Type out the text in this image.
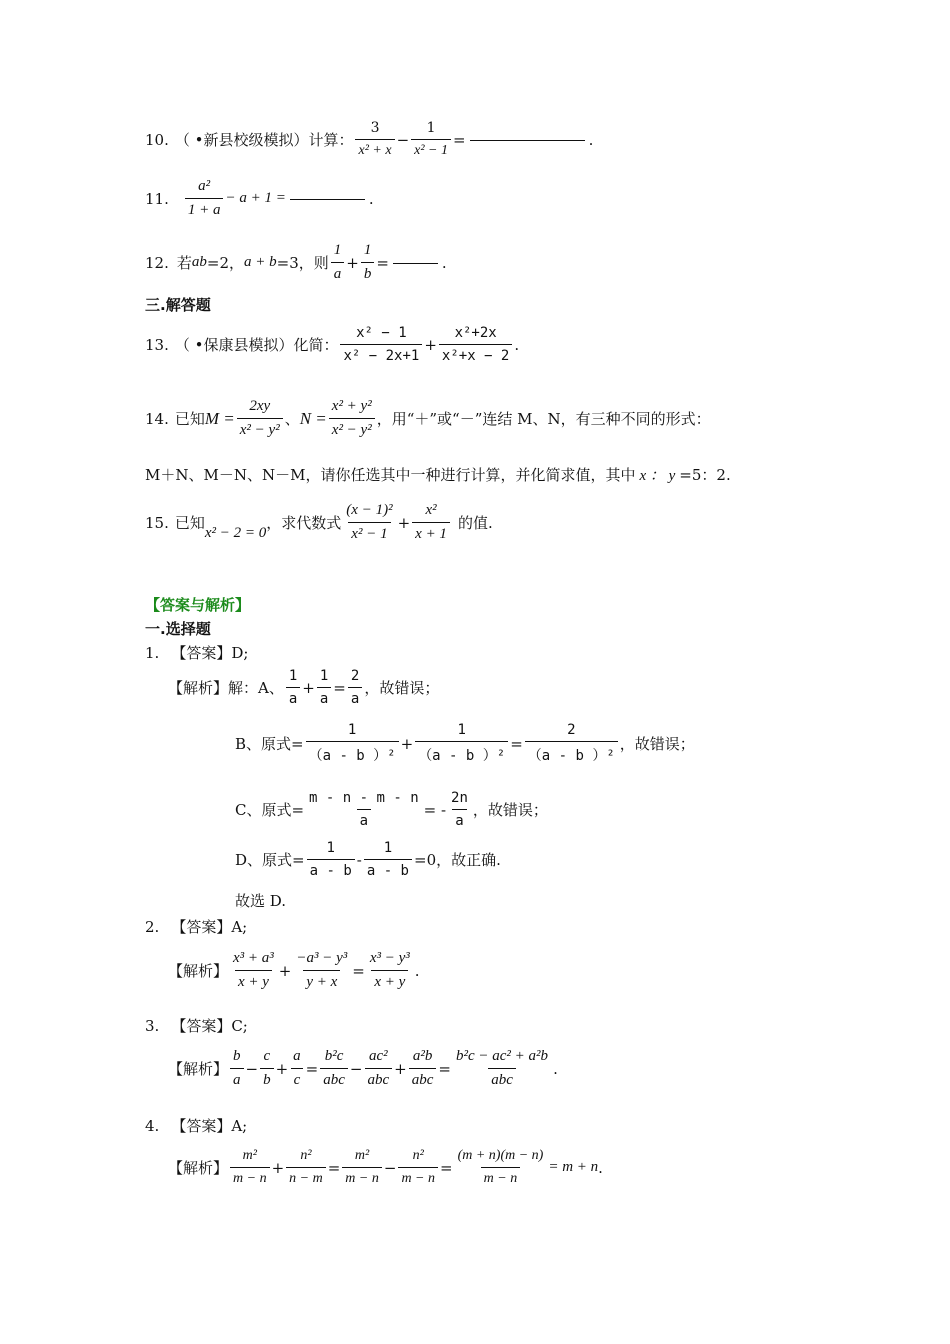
10. （ •新县校级模拟）计算： $\frac{3}{\text{x² + x}} - \frac{1}{\text{x² − 1}}$ =	.
11. $\frac{\text{a²}}{1 + a} - a + 1$ =	.
12. 若 ab =2， a + b =3，则 $\frac{1}{a} + \frac{1}{b}$ =	.
三.解答题
13. （ •保康县模拟）化简： $\frac{\text{x² − 1}}{\text{x² − 2x+1}} + \frac{\text{x²+2x}}{\text{x²+x − 2}}$ .
14. 已知 $M = \frac{2xy}{\text{x² − y²}}$ 、 $N = \frac{\text{x² + y²}}{\text{x² − y²}}$ ，用“＋”或“－”连结 M、N，有三种不同的形式：
M＋N、M－N、N－M，请你任选其中一种进行计算，并化简求值，其中 x ： y =5：2.
15. 已知
x² − 2 = 0
，求代数式 $\frac{\text{(x − 1)²}}{\text{x² − 1}} + \frac{\text{x²}}{x + 1}$ 的值.
【答案与解析】
一.选择题
1. 【答案】D;
【解析】解：A、 $\frac{1}{a} + \frac{1}{a} = \frac{2}{a}$ ，故错误；
B、原式= $\frac{1}{\text{（a - b ）²}} + \frac{1}{\text{（a - b ）²}} = \frac{2}{\text{（a - b ）²}}$ ，故错误；
C、原式= $\frac{m - n - m - n}{a}$ = - $\frac{2n}{a}$ ，故错误；
D、原式= $\frac{1}{a - b} - \frac{1}{a - b} =0$，故正确.
故选 D.
2. 【答案】A;
【解析】 $\frac{\text{x³ + a³}}{x + y} + \frac{\text{−a³ − y³}}{y + x} = \frac{\text{x³ − y³}}{x + y}$ .
3. 【答案】C;
【解析】 $\frac{b}{a} - \frac{c}{b} + \frac{a}{c} = \frac{\text{b²c}}{\text{abc}} - \frac{\text{ac²}}{\text{abc}} + \frac{\text{a²b}}{\text{abc}} = \frac{\text{b²c − ac² + a²b}}{\text{abc}}$ .
4. 【答案】A;
【解析】 $\frac{\text{m²}}{m - n} + \frac{\text{n²}}{n - m} = \frac{\text{m²}}{m - n} - \frac{\text{n²}}{m - n} = \frac{(m + n)(m - n)}{m - n} = m + n$ .
